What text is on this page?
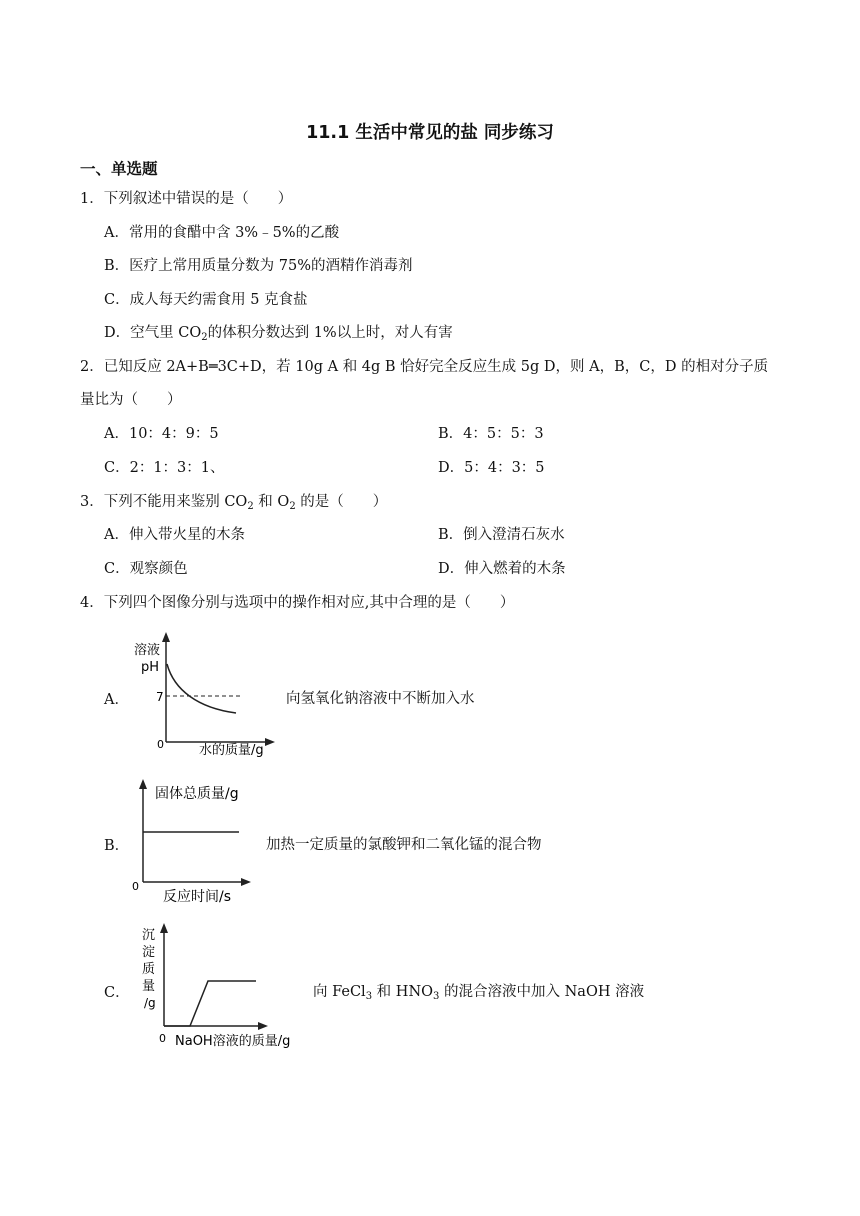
11.1 生活中常见的盐 同步练习
一、单选题
1．下列叙述中错误的是（　　）
A．常用的食醋中含 3%﹣5%的乙酸
B．医疗上常用质量分数为 75%的酒精作消毒剂
C．成人每天约需食用 5 克食盐
D．空气里 $CO_2$的体积分数达到 1%以上时，对人有害
2．已知反应 2A+B═3C+D，若 10g A 和 4g B 恰好完全反应生成 5g D，则 A，B，C，D 的相对分子质
量比为（　　）
A．10：4：9：5	B．4：5：5：3
C．2：1：3：1、	D．5：4：3：5
3．下列不能用来鉴别 $CO_2$ 和 $O_2$ 的是（　　）
A．伸入带火星的木条	B．倒入澄清石灰水
C．观察颜色	D．伸入燃着的木条
4．下列四个图像分别与选项中的操作相对应,其中合理的是（　　）
A．
溶液
pH
7
0	水的质量/g
向氢氧化钠溶液中不断加入水
B．
固体总质量/g
0
反应时间/s
加热一定质量的氯酸钾和二氧化锰的混合物
C．
沉
淀
质
量
/g
0 NaOH溶液的质量/g
向 FeCl$_3$ 和 $HNO_3$ 的混合溶液中加入 NaOH 溶液
